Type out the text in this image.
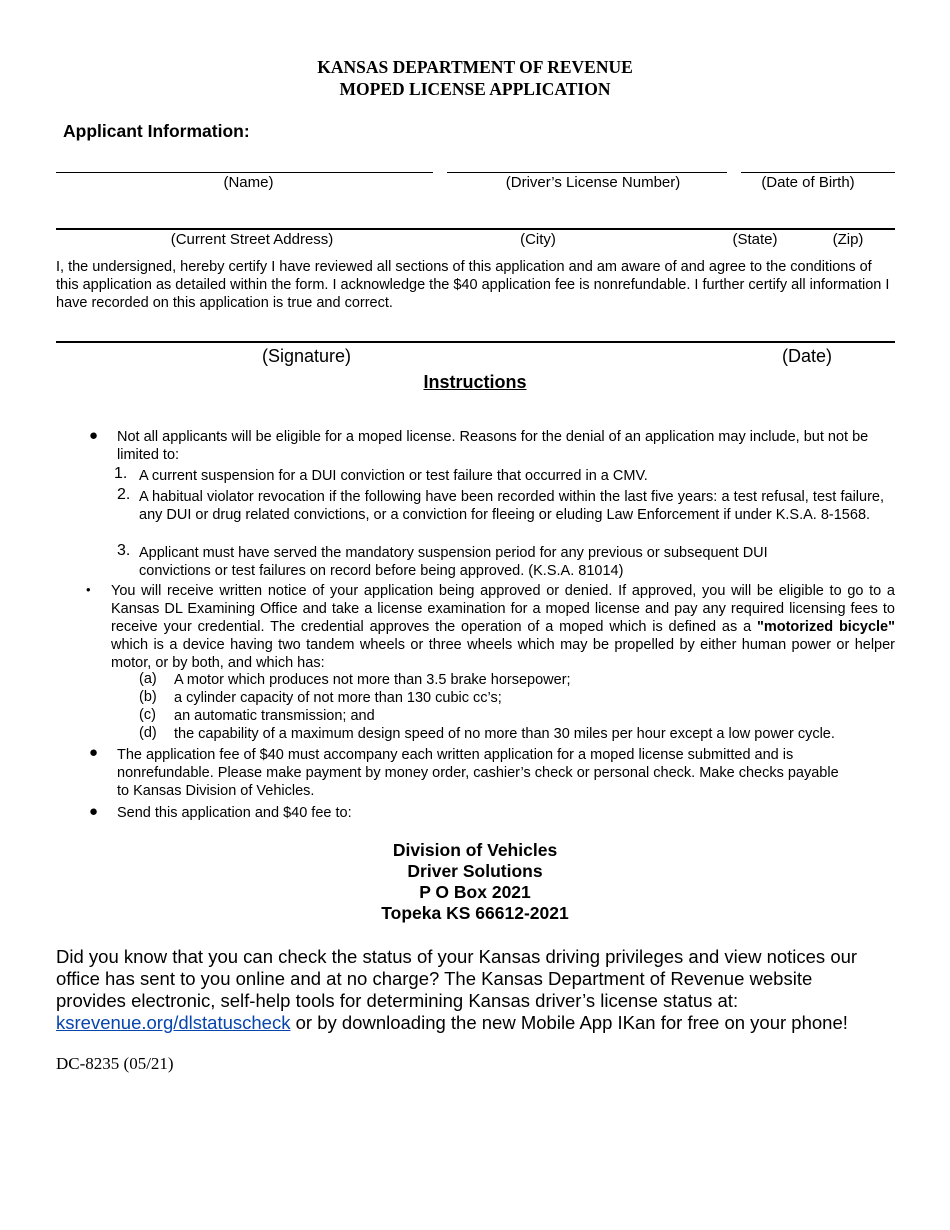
KANSAS DEPARTMENT OF REVENUE
MOPED LICENSE APPLICATION
Applicant Information:
(Name)	(Driver’s License Number)	(Date of Birth)
(Current Street Address)	(City)	(State)	(Zip)
I, the undersigned, hereby certify I have reviewed all sections of this application and am aware of and agree to the conditions of this application as detailed within the form. I acknowledge the $40 application fee is nonrefundable. I further certify all information I have recorded on this application is true and correct.
(Signature)	(Date)
Instructions
● Not all applicants will be eligible for a moped license. Reasons for the denial of an application may include, but not be limited to:
1. A current suspension for a DUI conviction or test failure that occurred in a CMV.
2. A habitual violator revocation if the following have been recorded within the last five years: a test refusal, test failure, any DUI or drug related convictions, or a conviction for fleeing or eluding Law Enforcement if under K.S.A. 8-1568.
3. Applicant must have served the mandatory suspension period for any previous or subsequent DUI convictions or test failures on record before being approved. (K.S.A. 81014)
• You will receive written notice of your application being approved or denied. If approved, you will be eligible to go to a Kansas DL Examining Office and take a license examination for a moped license and pay any required licensing fees to receive your credential. The credential approves the operation of a moped which is defined as a "motorized bicycle" which is a device having two tandem wheels or three wheels which may be propelled by either human power or helper motor, or by both, and which has:
(a) A motor which produces not more than 3.5 brake horsepower;
(b) a cylinder capacity of not more than 130 cubic cc’s;
(c) an automatic transmission; and
(d) the capability of a maximum design speed of no more than 30 miles per hour except a low power cycle.
● The application fee of $40 must accompany each written application for a moped license submitted and is nonrefundable. Please make payment by money order, cashier’s check or personal check. Make checks payable to Kansas Division of Vehicles.
● Send this application and $40 fee to:
Division of Vehicles
Driver Solutions
P O Box 2021
Topeka KS 66612-2021
Did you know that you can check the status of your Kansas driving privileges and view notices our office has sent to you online and at no charge? The Kansas Department of Revenue website provides electronic, self-help tools for determining Kansas driver’s license status at: ksrevenue.org/dlstatuscheck or by downloading the new Mobile App IKan for free on your phone!
DC-8235 (05/21)
